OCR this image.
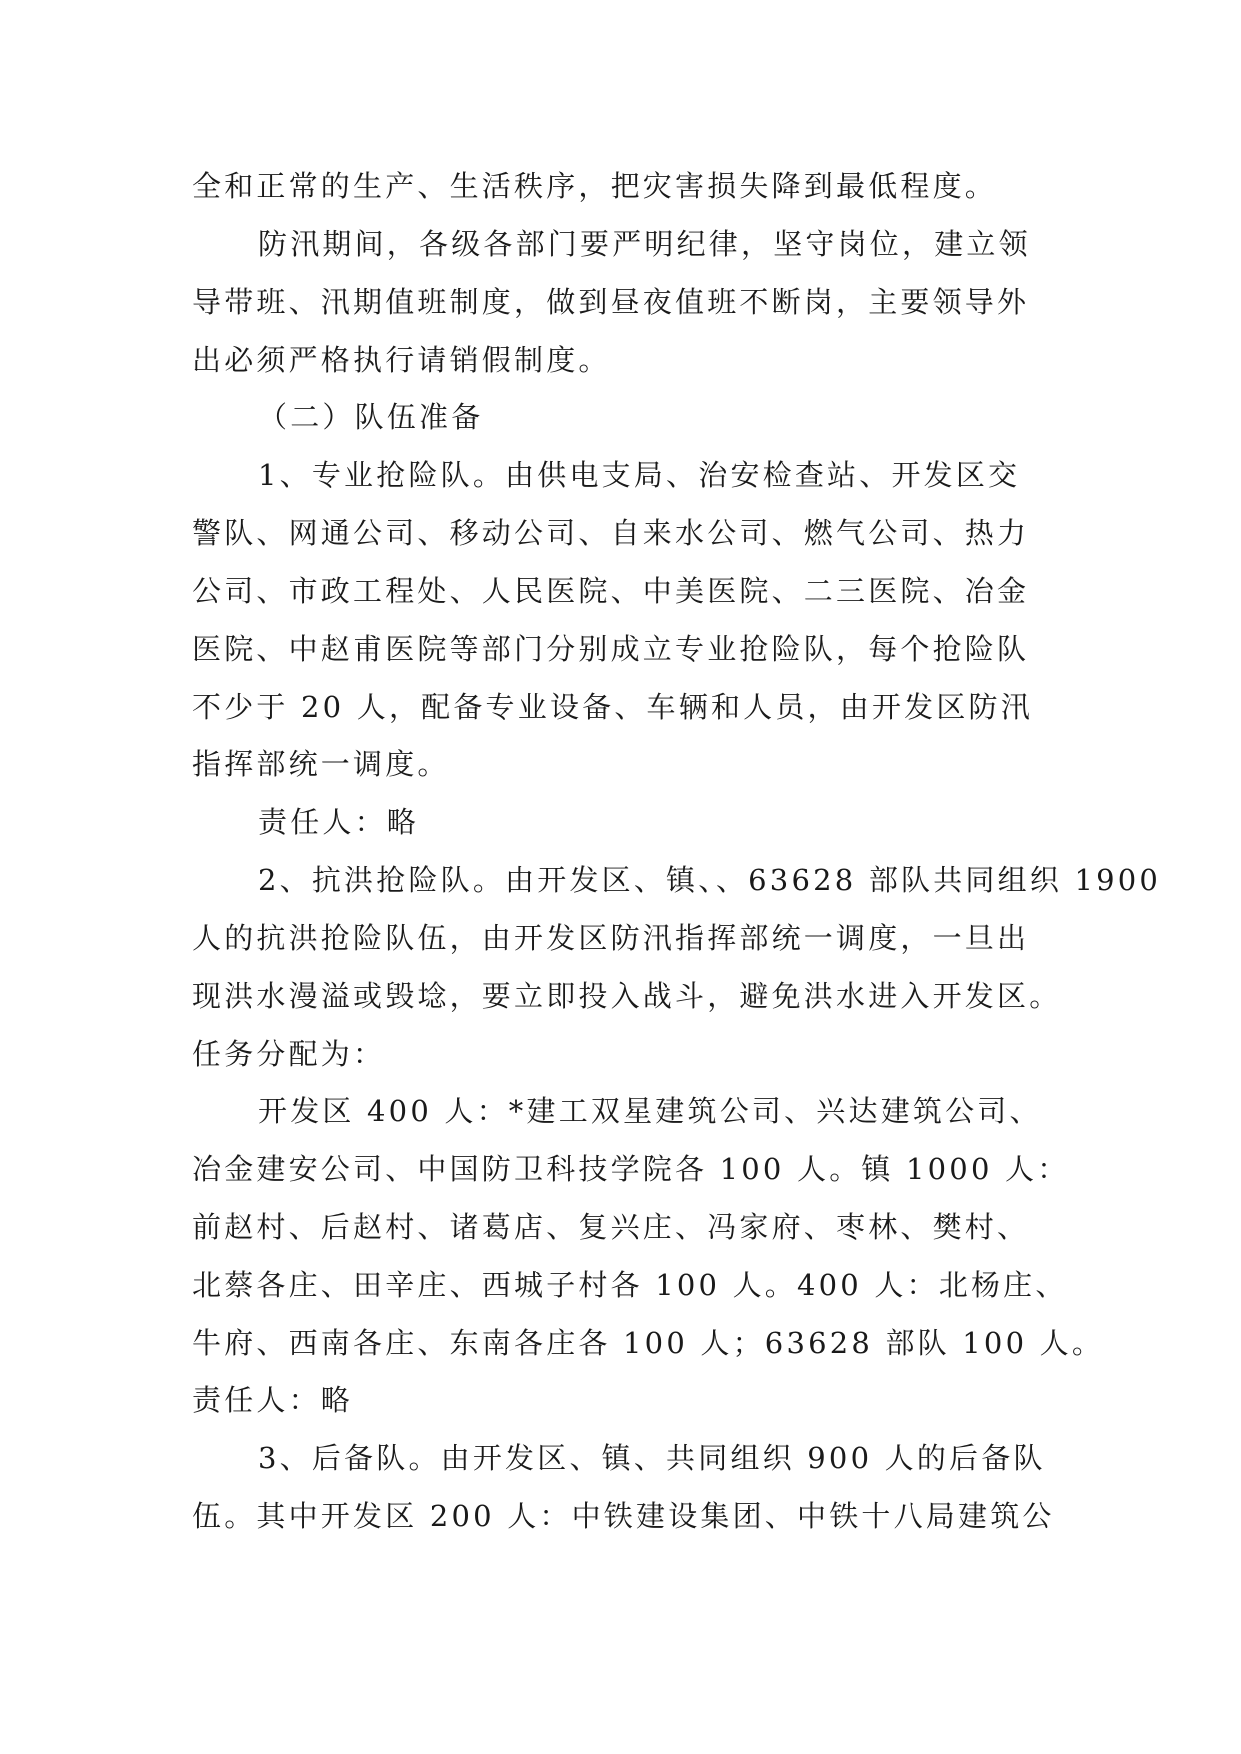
全和正常的生产、生活秩序，把灾害损失降到最低程度。
防汛期间，各级各部门要严明纪律，坚守岗位，建立领
导带班、汛期值班制度，做到昼夜值班不断岗，主要领导外
出必须严格执行请销假制度。
（二）队伍准备
1、专业抢险队。由供电支局、治安检查站、开发区交
警队、网通公司、移动公司、自来水公司、燃气公司、热力
公司、市政工程处、人民医院、中美医院、二三医院、冶金
医院、中赵甫医院等部门分别成立专业抢险队，每个抢险队
不少于 20 人，配备专业设备、车辆和人员，由开发区防汛
指挥部统一调度。
责任人：略
2、抗洪抢险队。由开发区、镇、、63628 部队共同组织 1900
人的抗洪抢险队伍，由开发区防汛指挥部统一调度，一旦出
现洪水漫溢或毁埝，要立即投入战斗，避免洪水进入开发区。
任务分配为：
开发区 400 人：*建工双星建筑公司、兴达建筑公司、
冶金建安公司、中国防卫科技学院各 100 人。镇 1000 人：
前赵村、后赵村、诸葛店、复兴庄、冯家府、枣林、樊村、
北蔡各庄、田辛庄、西城子村各 100 人。400 人：北杨庄、
牛府、西南各庄、东南各庄各 100 人；63628 部队 100 人。
责任人：略
3、后备队。由开发区、镇、共同组织 900 人的后备队
伍。其中开发区 200 人：中铁建设集团、中铁十八局建筑公
